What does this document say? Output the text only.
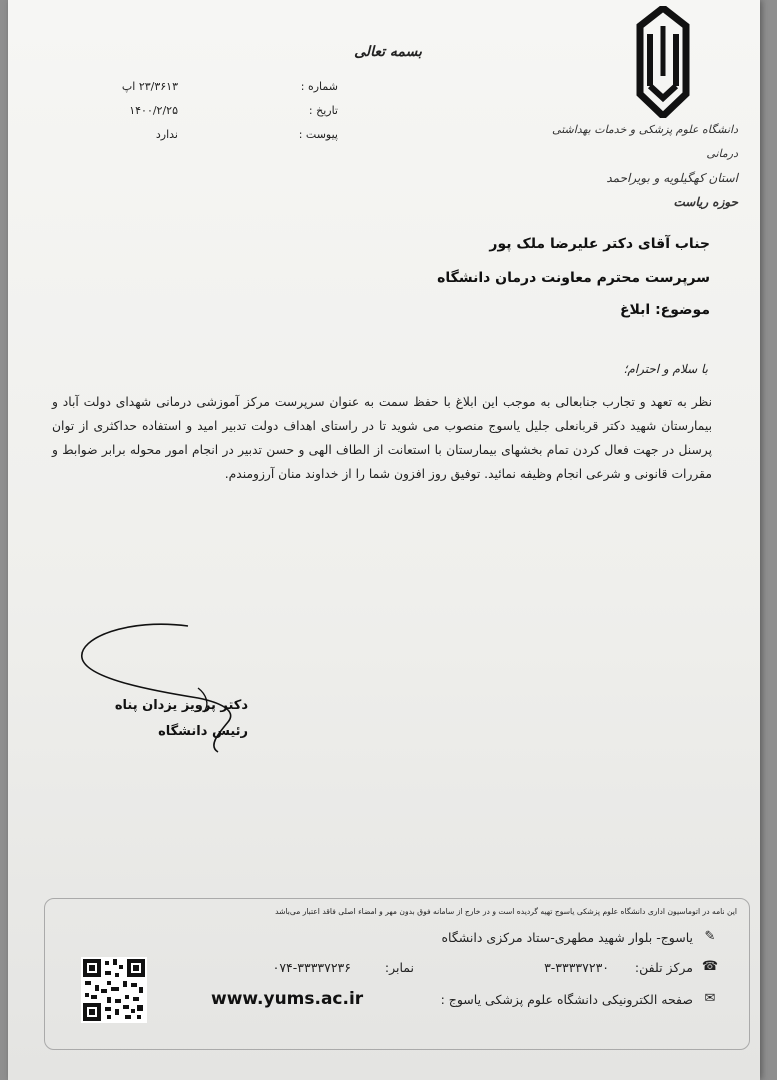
بسمه تعالی
دانشگاه علوم پزشکی و خدمات بهداشتی درمانی
استان کهگیلویه و بویراحمد
حوزه ریاست
شماره :
۲۳/۳۶۱۳ اپ
تاریخ :
۱۴۰۰/۲/۲۵
پیوست :
ندارد
جناب آقای دکتر علیرضا ملک پور
سرپرست محترم معاونت درمان دانشگاه
موضوع: ابلاغ
با سلام و احترام؛
نظر به تعهد و تجارب جنابعالی به موجب این ابلاغ با حفظ سمت به عنوان سرپرست مرکز آموزشی درمانی شهدای دولت آباد و بیمارستان شهید دکتر قربانعلی جلیل یاسوج منصوب می شوید تا در راستای اهداف دولت تدبیر امید و استفاده حداکثری از توان پرسنل در جهت فعال کردن تمام بخشهای بیمارستان با استعانت از الطاف الهی و حسن تدبیر در انجام امور محوله برابر ضوابط و مقررات قانونی و شرعی انجام وظیفه نمائید. توفیق روز افزون شما را از خداوند منان آرزومندم.
دکتر پرویز یزدان پناه
رئیس دانشگاه
این نامه در اتوماسیون اداری دانشگاه علوم پزشکی یاسوج تهیه گردیده است و در خارج از سامانه فوق بدون مهر و امضاء اصلی فاقد اعتبار می‌باشد
✎
یاسوج- بلوار شهید مطهری-ستاد مرکزی دانشگاه
☎
مرکز تلفن:
۳-۳۳۳۳۷۲۳۰
نمابر:
۰۷۴-۳۳۳۳۷۲۳۶
✉
صفحه الکترونیکی دانشگاه علوم پزشکی یاسوج :
www.yums.ac.ir
